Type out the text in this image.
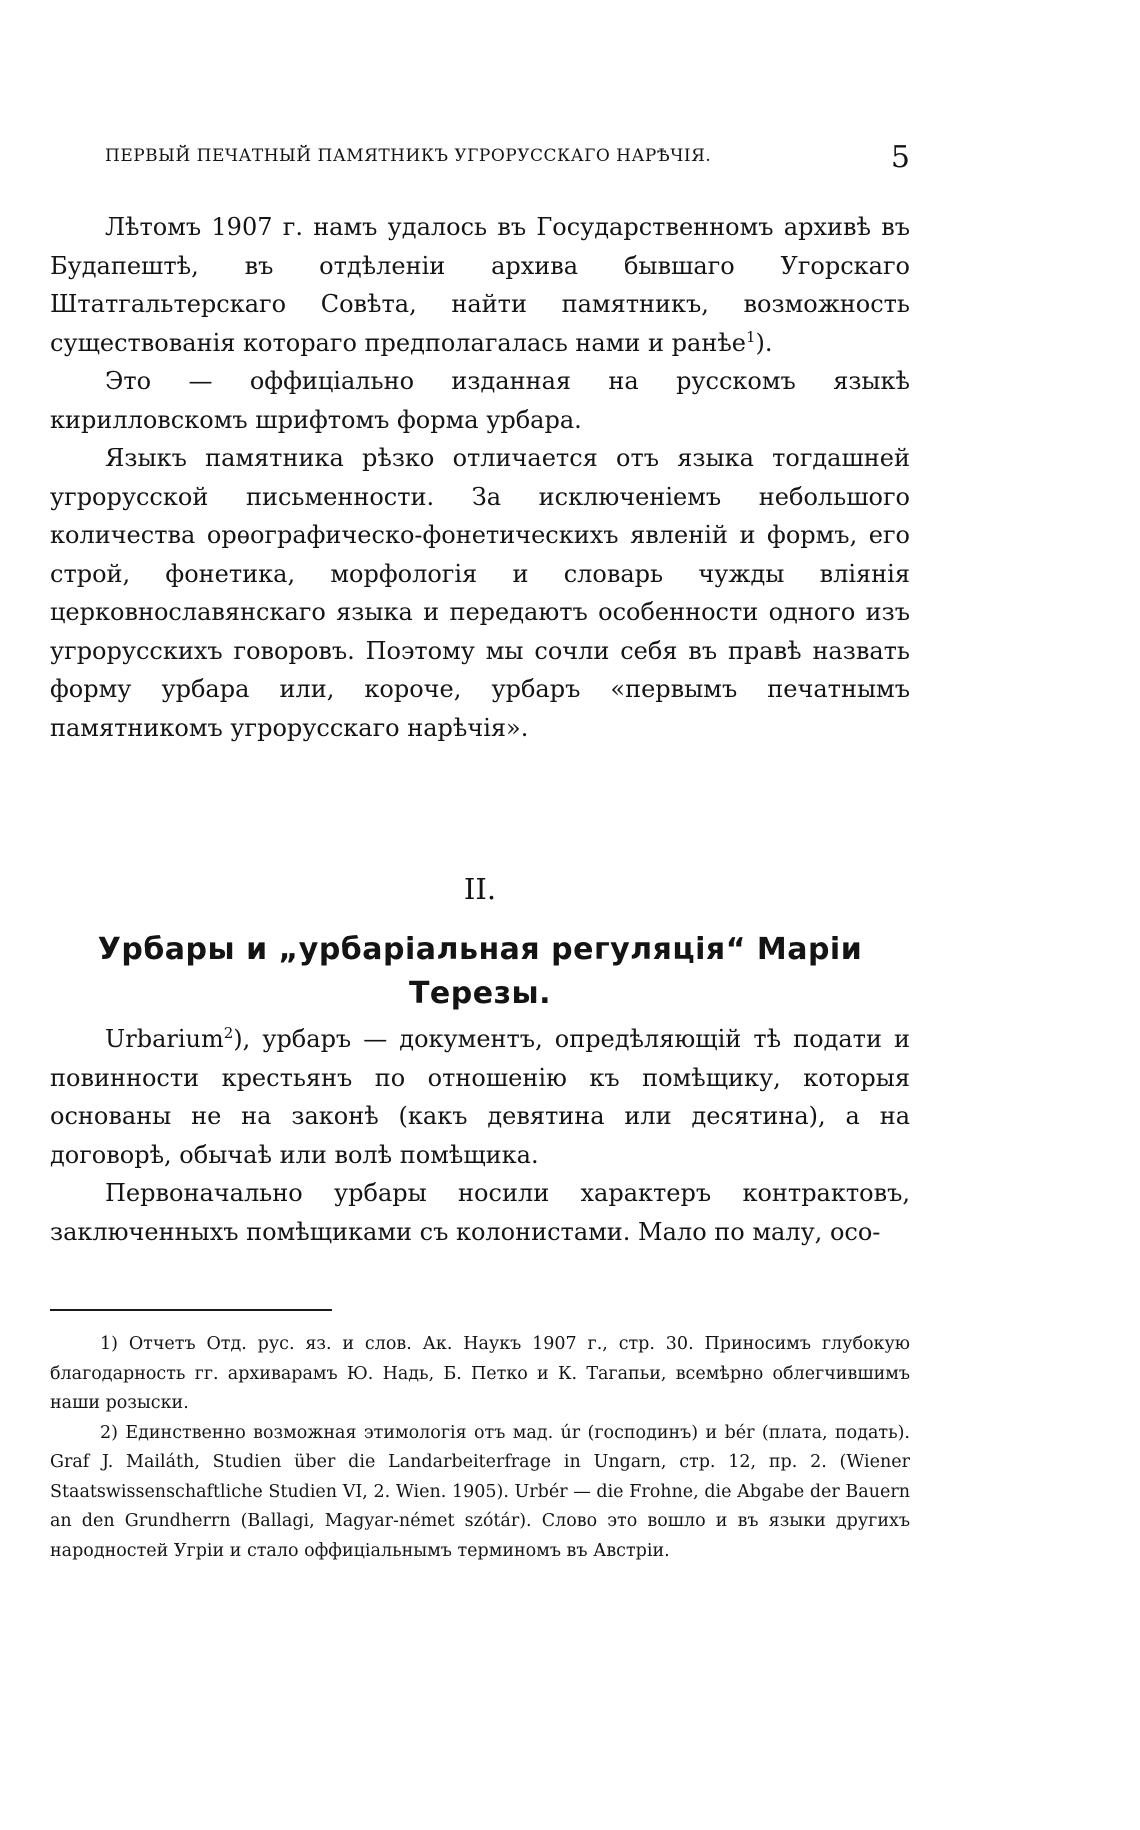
ПЕРВЫЙ ПЕЧАТНЫЙ ПАМЯТНИКЪ УГРОРУССКАГО НАРѢЧІЯ.	5

Лѣтомъ 1907 г. намъ удалось въ Государственномъ архивѣ въ Будапештѣ, въ отдѣленіи архива бывшаго Угорскаго Штатгальтерскаго Совѣта, найти памятникъ, возможность существованія котораго предполагалась нами и ранѣе$^1$).

Это — оффиціально изданная на русскомъ языкѣ кирилловскомъ шрифтомъ форма урбара.

Языкъ памятника рѣзко отличается отъ языка тогдашней угрорусской письменности. За исключеніемъ небольшого количества орѳографическо-фонетическихъ явленій и формъ, его строй, фонетика, морфологія и словарь чужды вліянія церковнославянскаго языка и передаютъ особенности одного изъ угрорусскихъ говоровъ. Поэтому мы сочли себя въ правѣ назвать форму урбара или, короче, урбаръ «первымъ печатнымъ памятникомъ угрорусскаго нарѣчія».

II.
Урбары и „урбаріальная регуляція“ Маріи
Терезы.

Urbarium$^2$), урбаръ — документъ, опредѣляющій тѣ подати и повинности крестьянъ по отношенію къ помѣщику, которыя основаны не на законѣ (какъ девятина или десятина), а на договорѣ, обычаѣ или волѣ помѣщика.

Первоначально урбары носили характеръ контрактовъ, заключенныхъ помѣщиками съ колонистами. Мало по малу, осо-

1) Отчетъ Отд. рус. яз. и слов. Ак. Наукъ 1907 г., стр. 30. Приносимъ глубокую благодарность гг. архиварамъ Ю. Надь, Б. Петко и К. Тагапьи, всемѣрно облегчившимъ наши розыски.

2) Единственно возможная этимологія отъ мад. úr (господинъ) и bér (плата, подать). Graf J. Mailáth, Studien über die Landarbeiterfrage in Ungarn, стр. 12, пр. 2. (Wiener Staatswissenschaftliche Studien VI, 2. Wien. 1905). Urbér — die Frohne, die Abgabe der Bauern an den Grundherrn (Ballagi, Magyar-német szótár). Слово это вошло и въ языки другихъ народностей Угріи и стало оффиціальнымъ терминомъ въ Австріи.
